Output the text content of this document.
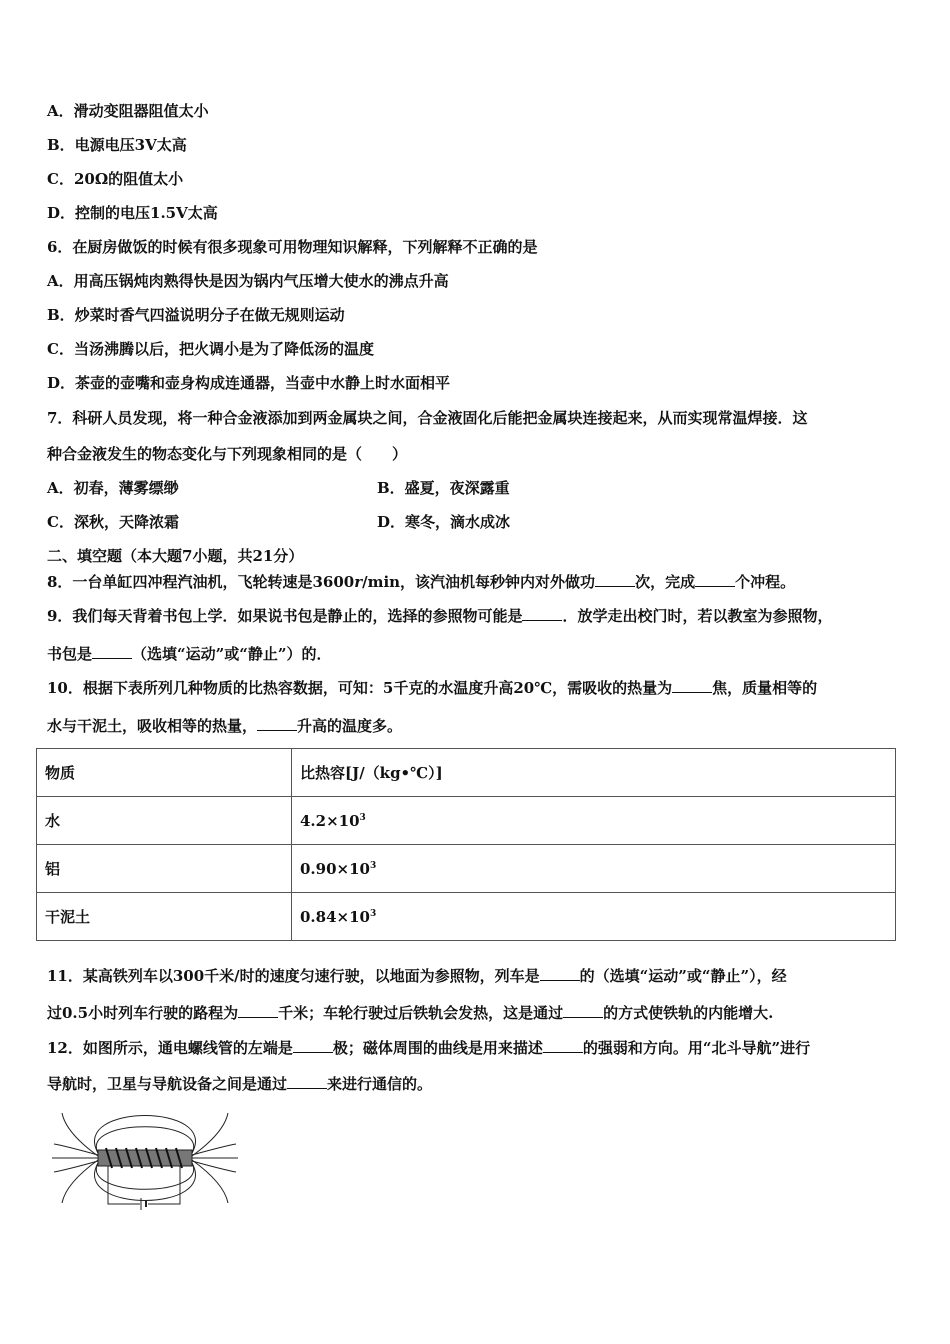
A．滑动变阻器阻值太小
B．电源电压3V太高
C．20Ω的阻值太小
D．控制的电压1.5V太高
6．在厨房做饭的时候有很多现象可用物理知识解释，下列解释不正确的是
A．用高压锅炖肉熟得快是因为锅内气压增大使水的沸点升高
B．炒菜时香气四溢说明分子在做无规则运动
C．当汤沸腾以后，把火调小是为了降低汤的温度
D．茶壶的壶嘴和壶身构成连通器，当壶中水静上时水面相平
7．科研人员发现，将一种合金液添加到两金属块之间，合金液固化后能把金属块连接起来，从而实现常温焊接．这
种合金液发生的物态变化与下列现象相同的是（　　）
A．初春，薄雾缥缈	B．盛夏，夜深露重
C．深秋，天降浓霜	D．寒冬，滴水成冰
二、填空题（本大题7小题，共21分）
8．一台单缸四冲程汽油机，飞轮转速是3600r/min，该汽油机每秒钟内对外做功	次，完成	个冲程。
9．我们每天背着书包上学．如果说书包是静止的，选择的参照物可能是	．放学走出校门时，若以教室为参照物，
书包是	（选填“运动”或“静止”）的．
10．根据下表所列几种物质的比热容数据，可知：5千克的水温度升高20℃，需吸收的热量为	焦，质量相等的
水与干泥土，吸收相等的热量，	升高的温度多。
物质	比热容[J/（kg•℃）]
水	$4.2\times 10^3$
铝	$0.90\times 10^3$
干泥土	$0.84\times 10^3$
11．某高铁列车以300千米/时的速度匀速行驶，以地面为参照物，列车是	的（选填“运动”或“静止”），经
过0.5小时列车行驶的路程为	千米；车轮行驶过后铁轨会发热，这是通过	的方式使铁轨的内能增大.
12．如图所示，通电螺线管的左端是	极；磁体周围的曲线是用来描述	的强弱和方向。用“北斗导航”进行
导航时，卫星与导航设备之间是通过	来进行通信的。
